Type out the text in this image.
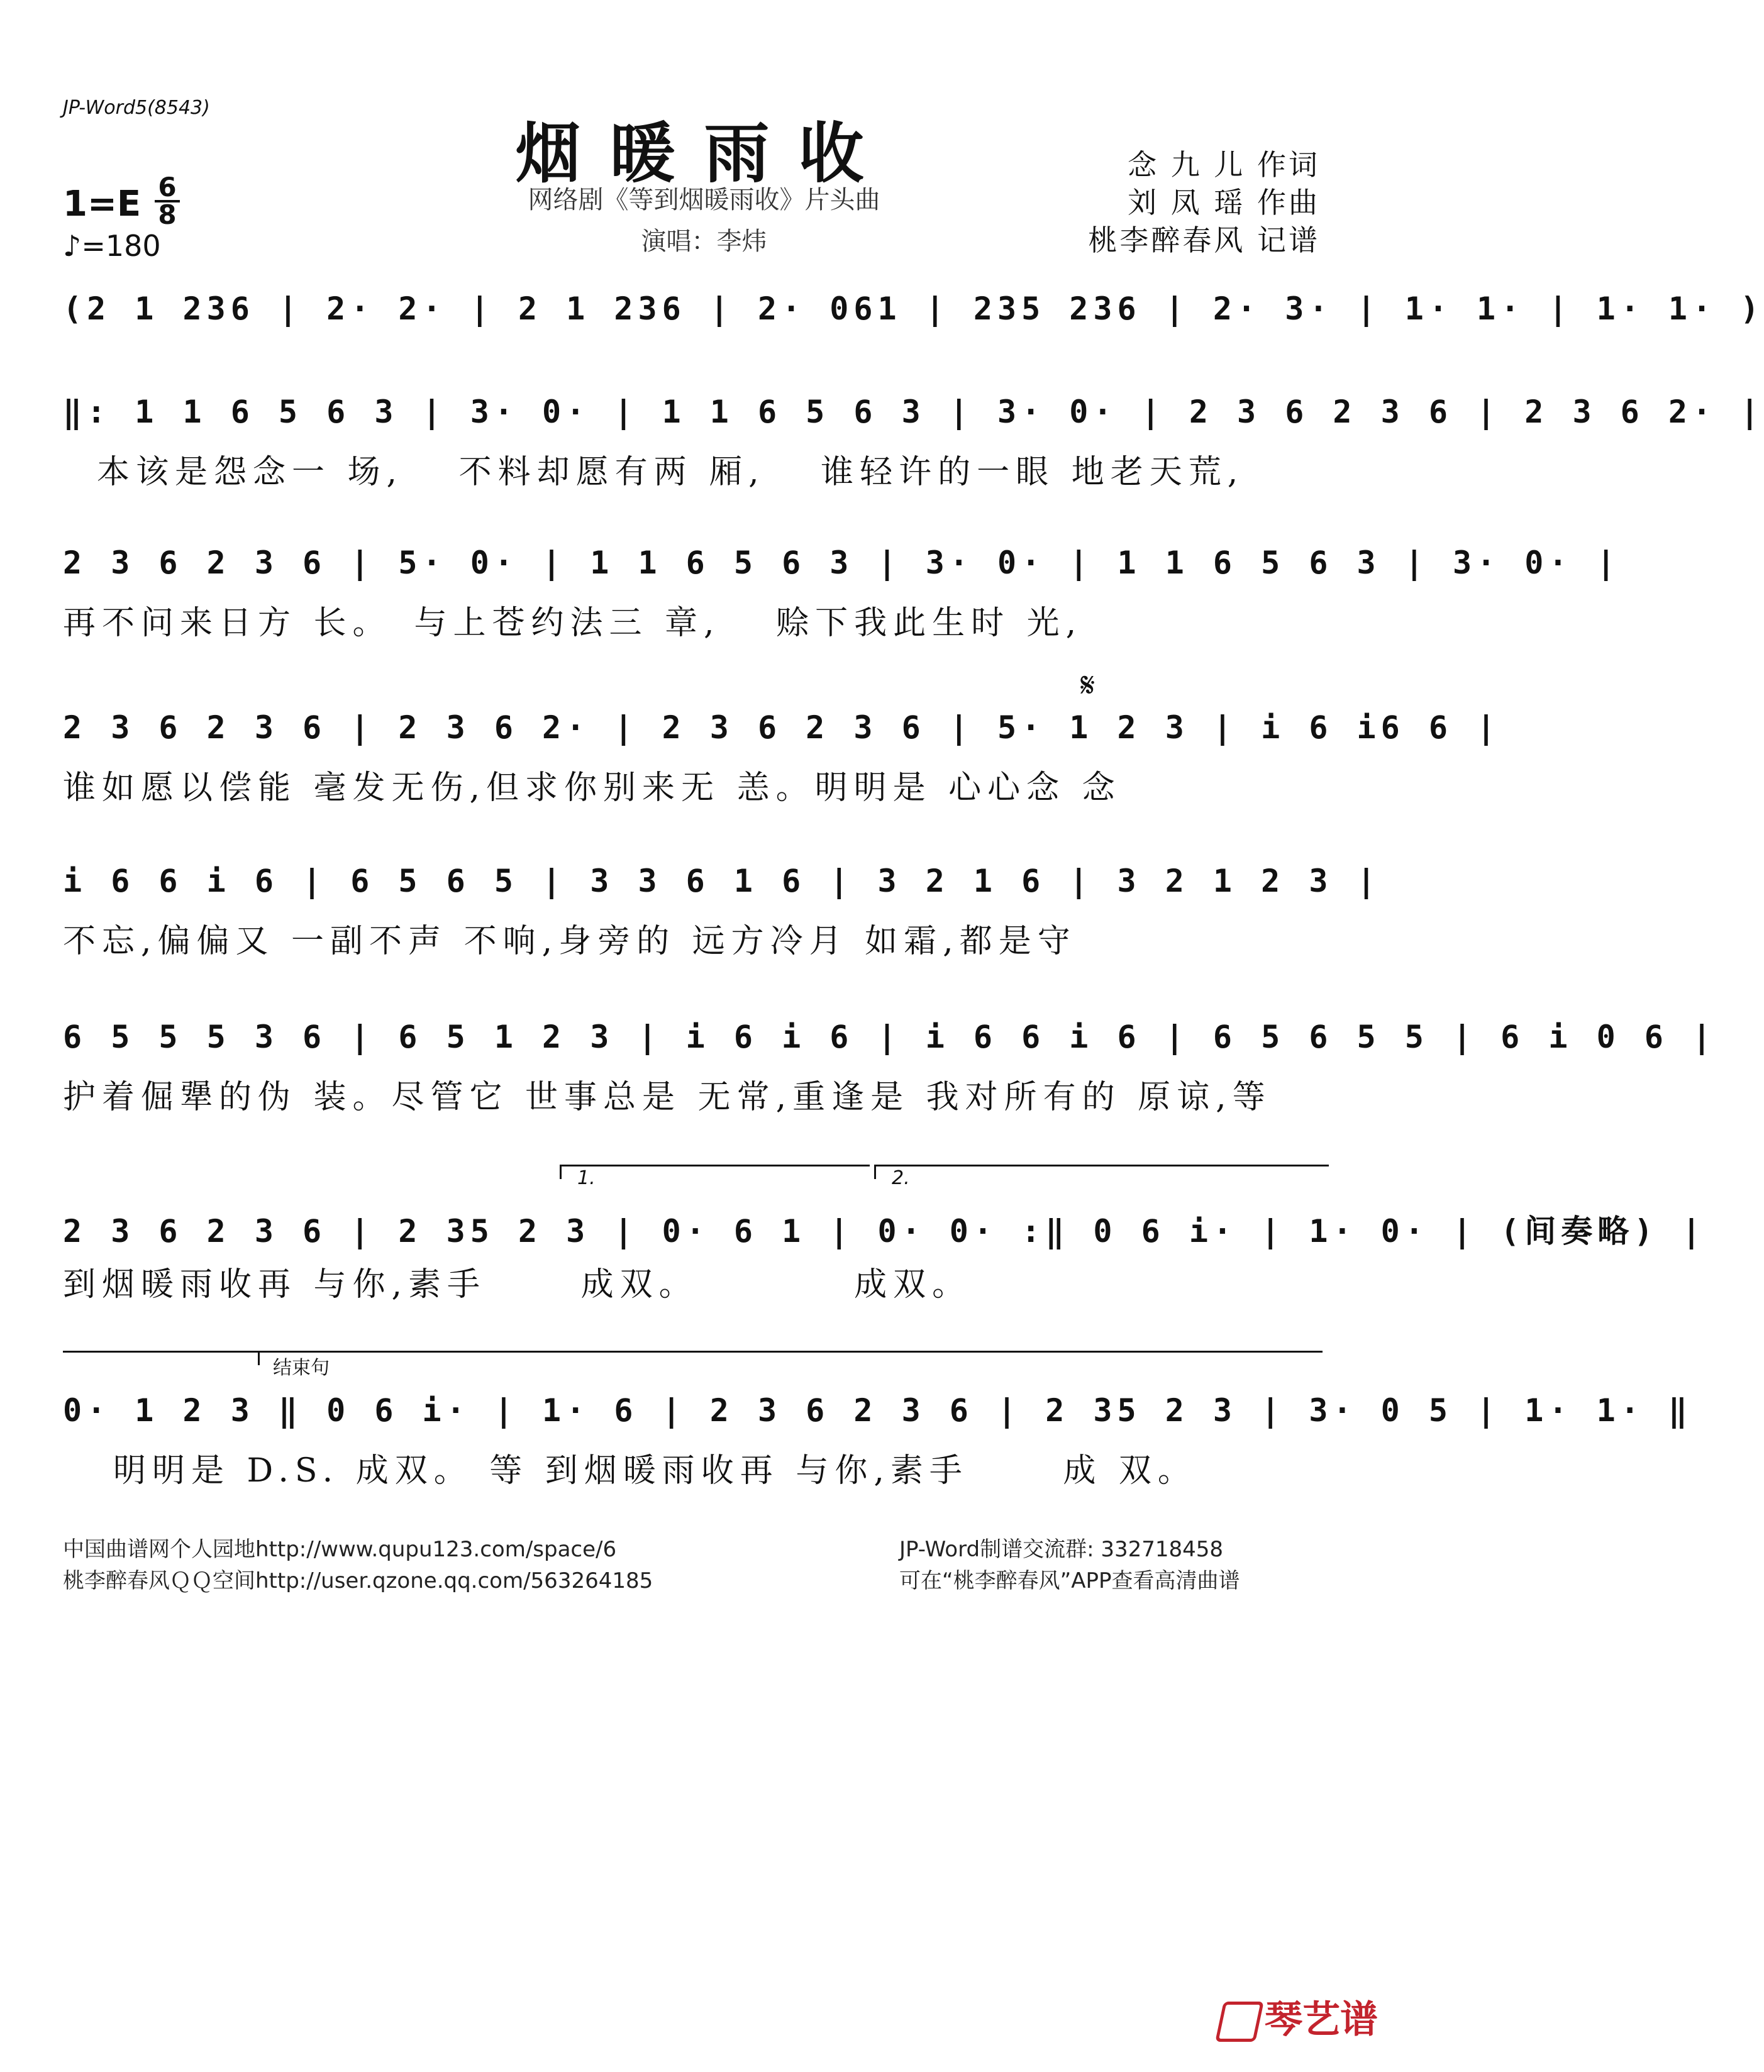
JP-Word5(8543)
烟暖雨收
网络剧《等到烟暖雨收》片头曲
演唱：李炜
念 九 儿 作词
刘 凤 瑶 作曲
桃李醉春风 记谱
1=E 6
8
♪=180
(2 1 236 | 2· 2· | 2 1 236 | 2· 061 | 235 236 | 2· 3· | 1· 1· | 1· 1· )
‖: 1 1 6 5 6 3 | 3· 0· | 1 1 6 5 6 3 | 3· 0· | 2 3 6 2 3 6 | 2 3 6 2· |
本该是怨念一 场,　 不料却愿有两 厢,　 谁轻许的一眼 地老天荒,
2 3 6 2 3 6 | 5· 0· | 1 1 6 5 6 3 | 3· 0· | 1 1 6 5 6 3 | 3· 0· |
再不问来日方 长。　与上苍约法三 章,　 赊下我此生时 光,
𝄋
2 3 6 2 3 6 | 2 3 6 2· | 2 3 6 2 3 6 | 5· 1 2 3 | i 6 i6 6 |
谁如愿以偿能 毫发无伤,但求你别来无 恙。明明是 心心念 念
i 6 6 i 6 | 6 5 6 5 | 3 3 6 1 6 | 3 2 1 6 | 3 2 1 2 3 |
不忘,偏偏又 一副不声 不响,身旁的 远方冷月 如霜,都是守
6 5 5 5 3 6 | 6 5 1 2 3 | i 6 i 6 | i 6 6 i 6 | 6 5 6 5 5 | 6 i 0 6 |
护着倔犟的伪 装。尽管它 世事总是 无常,重逢是 我对所有的 原谅,等
1.	2.
2 3 6 2 3 6 | 2 35 2 3 | 0· 6 1 | 0· 0· :‖ 0 6 i· | 1· 0· | (间奏略) |
到烟暖雨收再 与你,素手　　 成双。　　　　 成双。
结束句
0· 1 2 3 ‖ 0 6 i· | 1· 6 | 2 3 6 2 3 6 | 2 35 2 3 | 3· 0 5 | 1· 1· ‖
明明是 D.S. 成双。 等 到烟暖雨收再 与你,素手　　 成 双。
中国曲谱网个人园地http://www.qupu123.com/space/6
桃李醉春风ＱＱ空间http://user.qzone.qq.com/563264185
JP-Word制谱交流群: 332718458
可在“桃李醉春风”APP查看高清曲谱
琴艺谱
